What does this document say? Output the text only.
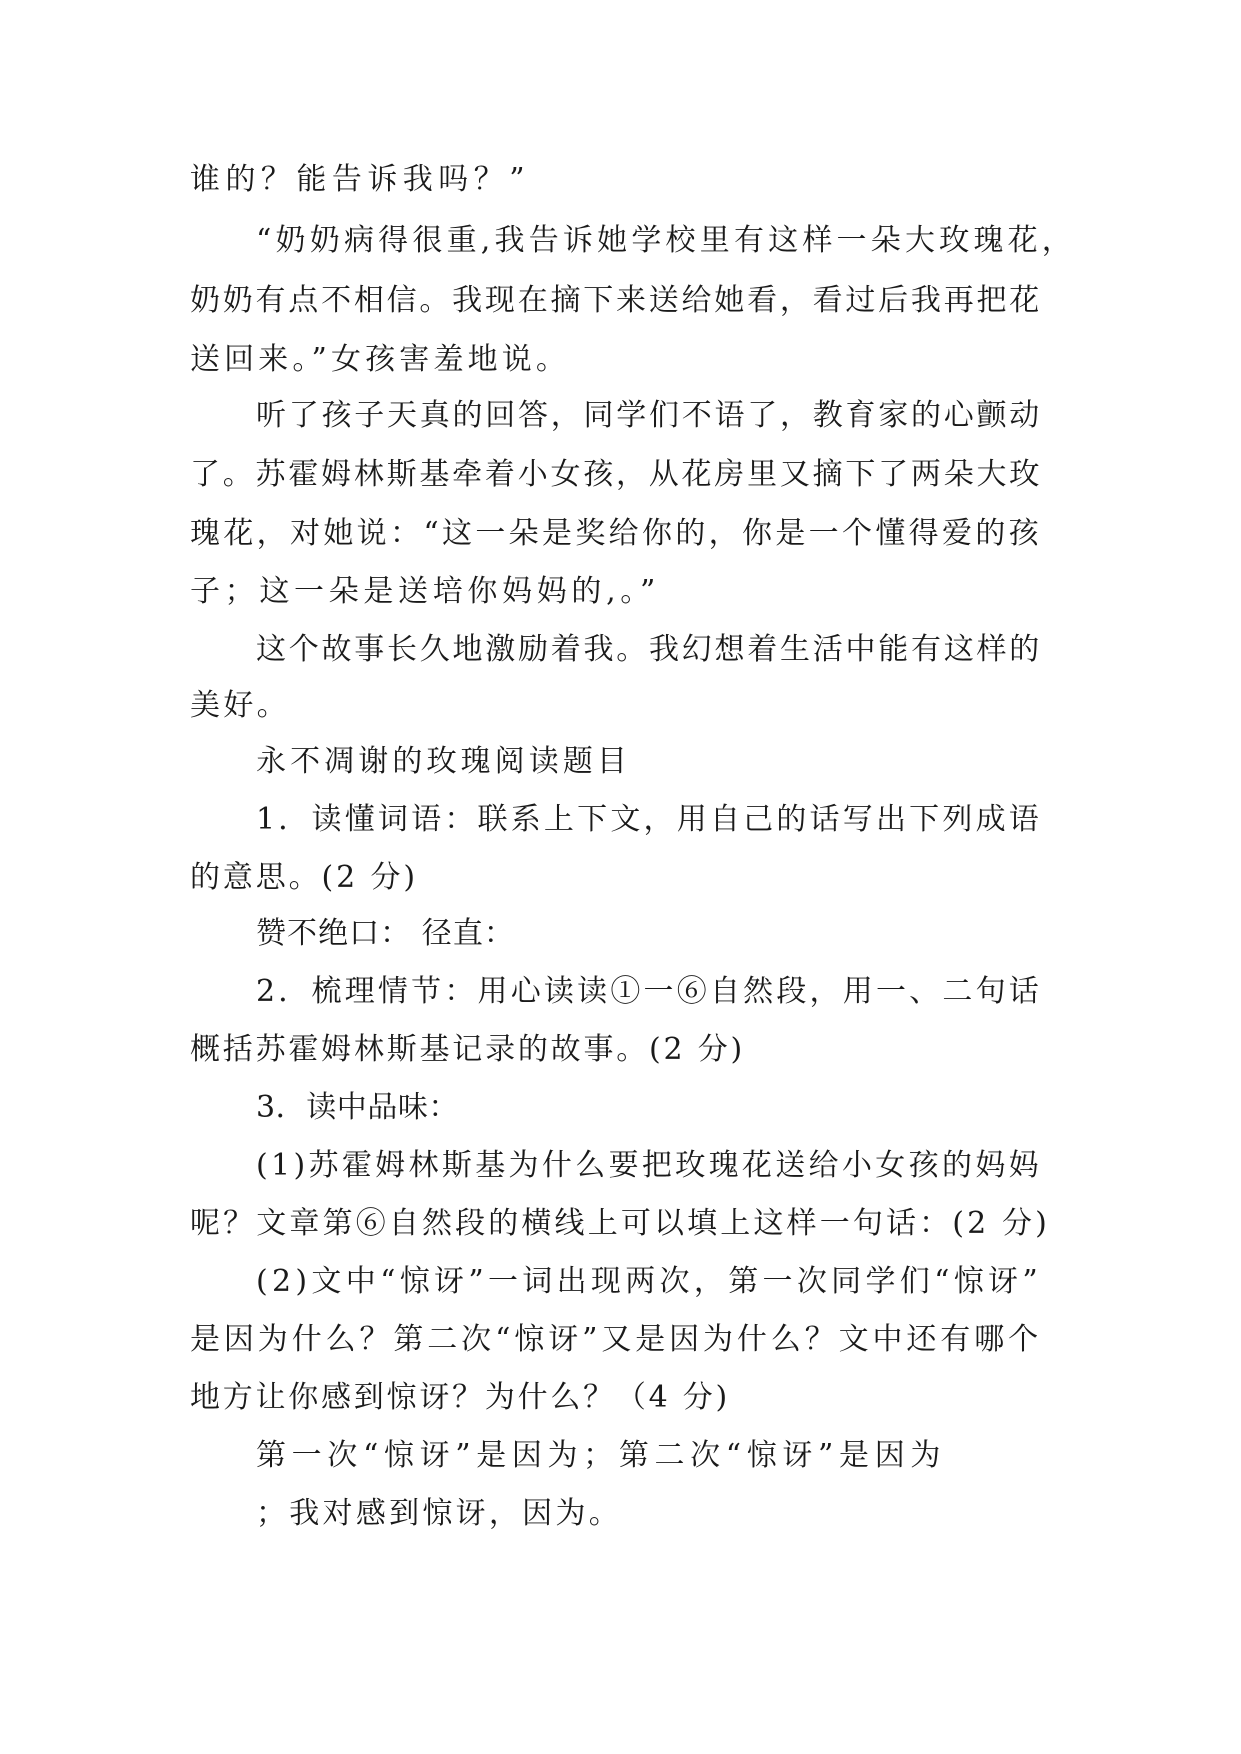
谁的？能告诉我吗？”

“奶奶病得很重,我告诉她学校里有这样一朵大玫瑰花，

奶奶有点不相信。我现在摘下来送给她看，看过后我再把花

送回来。”女孩害羞地说。

听了孩子天真的回答，同学们不语了，教育家的心颤动

了。苏霍姆林斯基牵着小女孩，从花房里又摘下了两朵大玫

瑰花，对她说：“这一朵是奖给你的，你是一个懂得爱的孩

子；这一朵是送培你妈妈的,。”

这个故事长久地激励着我。我幻想着生活中能有这样的

美好。

永不凋谢的玫瑰阅读题目

1．读懂词语：联系上下文，用自己的话写出下列成语

的意思。(2 分)

赞不绝口： 径直：

2．梳理情节：用心读读①一⑥自然段，用一、二句话

概括苏霍姆林斯基记录的故事。(2 分)

3．读中品味：

(1)苏霍姆林斯基为什么要把玫瑰花送给小女孩的妈妈

呢？文章第⑥自然段的横线上可以填上这样一句话：(2 分)

(2)文中“惊讶”一词出现两次，第一次同学们“惊讶”

是因为什么？第二次“惊讶”又是因为什么？文中还有哪个

地方让你感到惊讶？为什么？（4 分)

第一次“惊讶”是因为；第二次“惊讶”是因为

；我对感到惊讶，因为。
